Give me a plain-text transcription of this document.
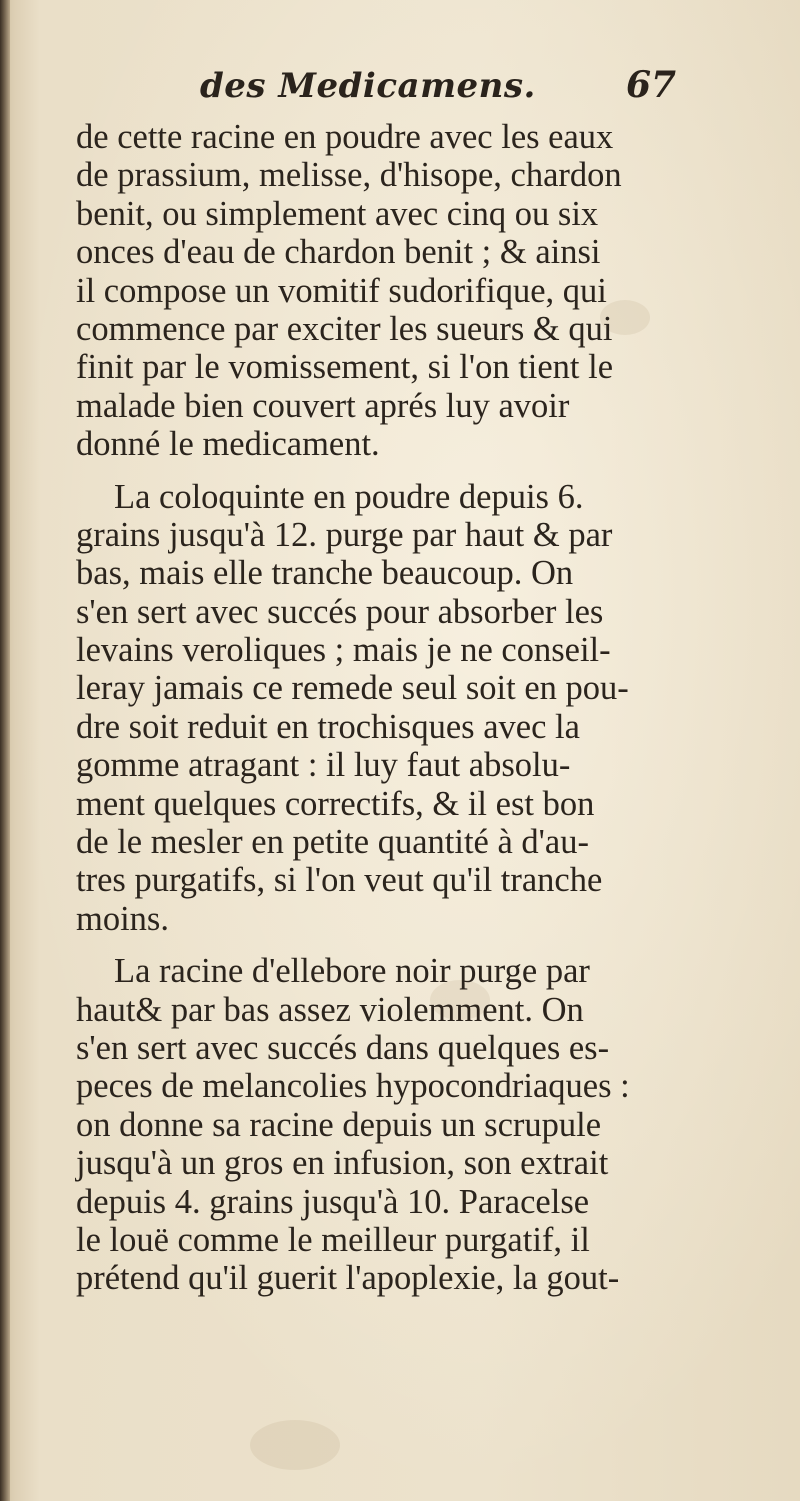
des Medicamens.	67
de cette racine en poudre avec les eaux
de prassium, melisse, d'hisope, chardon
benit, ou simplement avec cinq ou six
onces d'eau de chardon benit ; & ainsi
il compose un vomitif sudorifique, qui
commence par exciter les sueurs & qui
finit par le vomissement, si l'on tient le
malade bien couvert aprés luy avoir
donné le medicament.
La coloquinte en poudre depuis 6.
grains jusqu'à 12. purge par haut & par
bas, mais elle tranche beaucoup. On
s'en sert avec succés pour absorber les
levains veroliques ; mais je ne conseil-
leray jamais ce remede seul soit en pou-
dre soit reduit en trochisques avec la
gomme atragant : il luy faut absolu-
ment quelques correctifs, & il est bon
de le mesler en petite quantité à d'au-
tres purgatifs, si l'on veut qu'il tranche
moins.
La racine d'ellebore noir purge par
haut& par bas assez violemment. On
s'en sert avec succés dans quelques es-
peces de melancolies hypocondriaques :
on donne sa racine depuis un scrupule
jusqu'à un gros en infusion, son extrait
depuis 4. grains jusqu'à 10. Paracelse
le louë comme le meilleur purgatif, il
prétend qu'il guerit l'apoplexie, la gout-
